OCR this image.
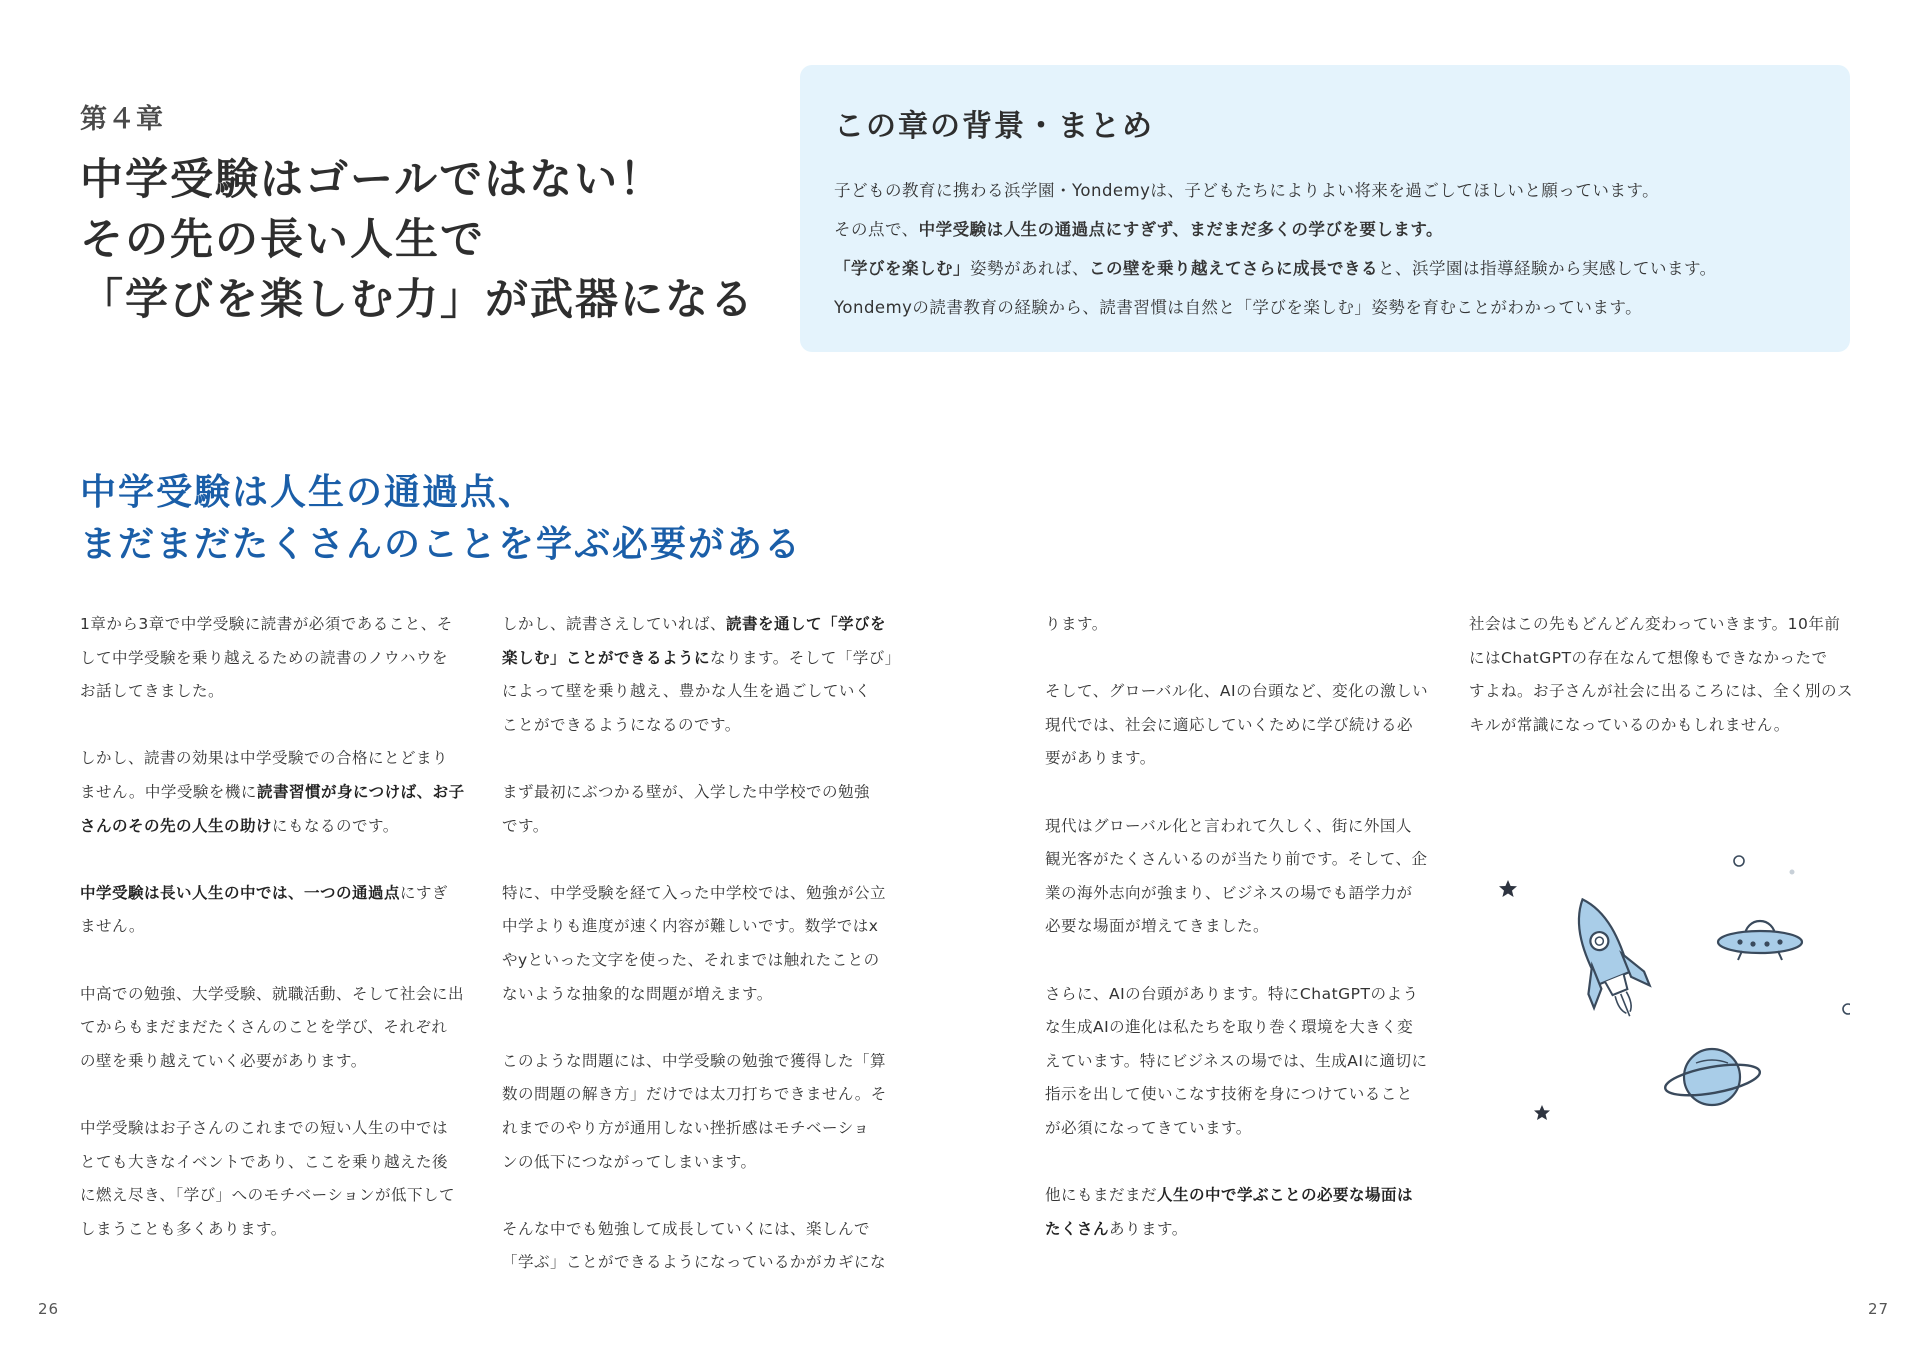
第４章
中学受験はゴールではない！
その先の長い人生で
「学びを楽しむ力」が武器になる
この章の背景・まとめ
子どもの教育に携わる浜学園・Yondemyは、子どもたちによりよい将来を過ごしてほしいと願っています。
その点で、中学受験は人生の通過点にすぎず、まだまだ多くの学びを要します。
「学びを楽しむ」姿勢があれば、この壁を乗り越えてさらに成長できると、浜学園は指導経験から実感しています。
Yondemyの読書教育の経験から、読書習慣は自然と「学びを楽しむ」姿勢を育むことがわかっています。
中学受験は人生の通過点、
まだまだたくさんのことを学ぶ必要がある
1章から3章で中学受験に読書が必須であること、そ
して中学受験を乗り越えるための読書のノウハウを
お話してきました。
しかし、読書の効果は中学受験での合格にとどまり
ません。中学受験を機に読書習慣が身につけば、お子
さんのその先の人生の助けにもなるのです。
中学受験は長い人生の中では、一つの通過点にすぎ
ません。
中高での勉強、大学受験、就職活動、そして社会に出
てからもまだまだたくさんのことを学び、それぞれ
の壁を乗り越えていく必要があります。
中学受験はお子さんのこれまでの短い人生の中では
とても大きなイベントであり、ここを乗り越えた後
に燃え尽き、「学び」へのモチベーションが低下して
しまうことも多くあります。
しかし、読書さえしていれば、読書を通して「学びを
楽しむ」ことができるようになります。そして「学び」
によって壁を乗り越え、豊かな人生を過ごしていく
ことができるようになるのです。
まず最初にぶつかる壁が、入学した中学校での勉強
です。
特に、中学受験を経て入った中学校では、勉強が公立
中学よりも進度が速く内容が難しいです。数学ではx
やyといった文字を使った、それまでは触れたことの
ないような抽象的な問題が増えます。
このような問題には、中学受験の勉強で獲得した「算
数の問題の解き方」だけでは太刀打ちできません。そ
れまでのやり方が通用しない挫折感はモチベーショ
ンの低下につながってしまいます。
そんな中でも勉強して成長していくには、楽しんで
「学ぶ」ことができるようになっているかがカギにな
ります。
そして、グローバル化、AIの台頭など、変化の激しい
現代では、社会に適応していくために学び続ける必
要があります。
現代はグローバル化と言われて久しく、街に外国人
観光客がたくさんいるのが当たり前です。そして、企
業の海外志向が強まり、ビジネスの場でも語学力が
必要な場面が増えてきました。
さらに、AIの台頭があります。特にChatGPTのよう
な生成AIの進化は私たちを取り巻く環境を大きく変
えています。特にビジネスの場では、生成AIに適切に
指示を出して使いこなす技術を身につけていること
が必須になってきています。
他にもまだまだ人生の中で学ぶことの必要な場面は
たくさんあります。
社会はこの先もどんどん変わっていきます。10年前
にはChatGPTの存在なんて想像もできなかったで
すよね。お子さんが社会に出るころには、全く別のス
キルが常識になっているのかもしれません。
26	27
